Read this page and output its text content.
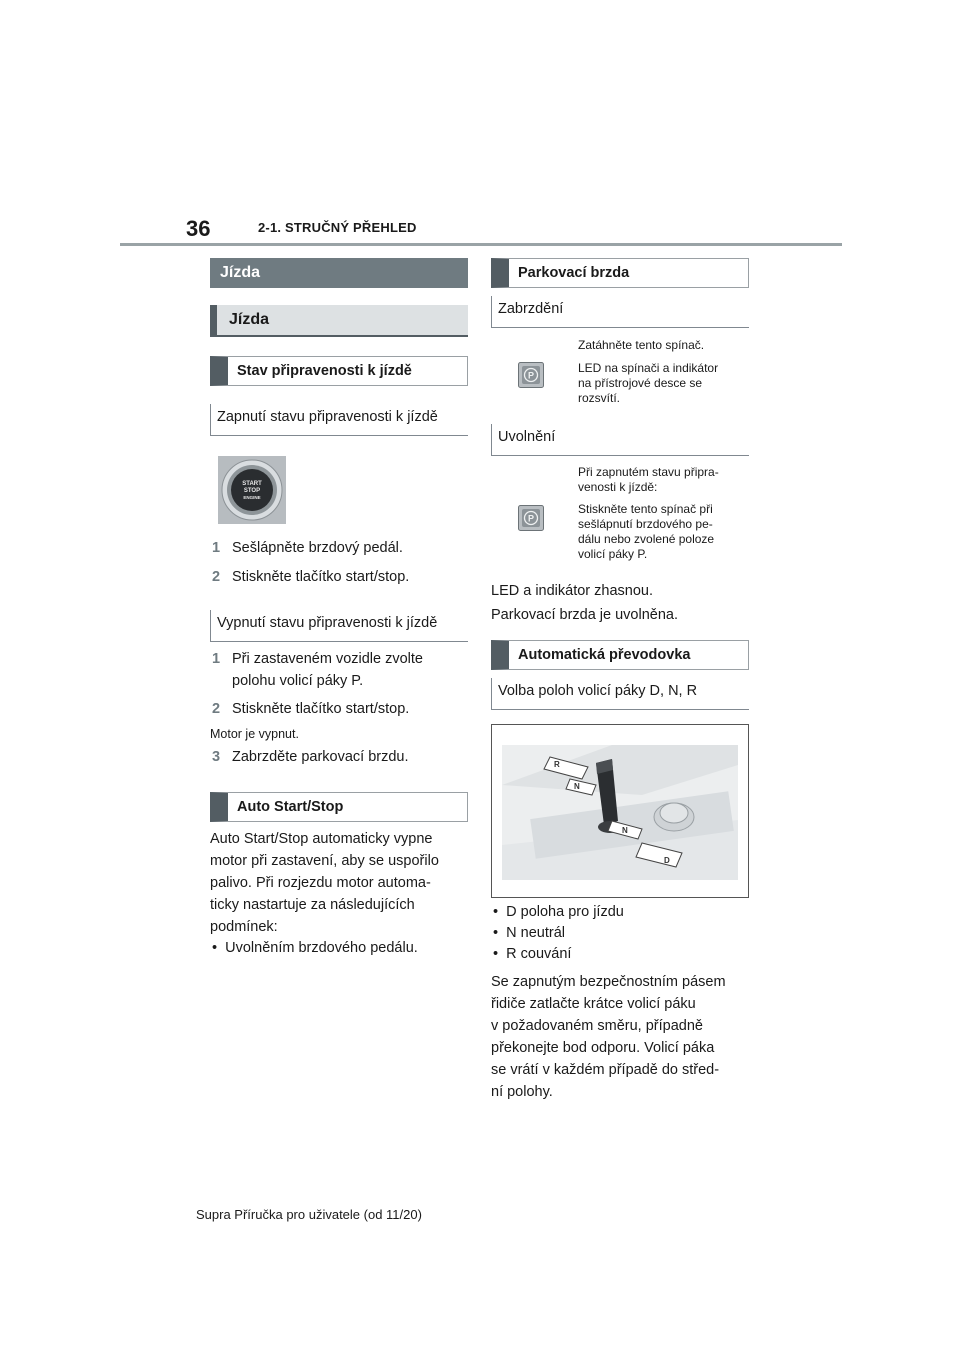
36	2-1. STRUČNÝ PŘEHLED
Jízda
Jízda
Stav připravenosti k jízdě
Zapnutí stavu připravenosti k jízdě
START
STOP
ENGINE
1 Sešlápněte brzdový pedál.
2 Stiskněte tlačítko start/stop.
Vypnutí stavu připravenosti k jízdě
1 Při zastaveném vozidle zvolte
polohu volicí páky P.
2 Stiskněte tlačítko start/stop.
Motor je vypnut.
3 Zabrzděte parkovací brzdu.
Auto Start/Stop
Auto Start/Stop automaticky vypne
motor při zastavení, aby se uspořilo
palivo. Při rozjezdu motor automa-
ticky nastartuje za následujících
podmínek:
•  Uvolněním brzdového pedálu.
Parkovací brzda
Zabrzdění
P
Zatáhněte tento spínač.
LED na spínači a indikátor
na přístrojové desce se
rozsvítí.
Uvolnění
P
Při zapnutém stavu připra-
venosti k jízdě:
Stiskněte tento spínač při
sešlápnutí brzdového pe-
dálu nebo zvolené poloze
volicí páky P.
LED a indikátor zhasnou.
Parkovací brzda je uvolněna.
Automatická převodovka
Volba poloh volicí páky D, N, R
R
N
N
D
•  D poloha pro jízdu
•  N neutrál
•  R couvání
Se zapnutým bezpečnostním pásem
řidiče zatlačte krátce volicí páku
v požadovaném směru, případně
překonejte bod odporu. Volicí páka
se vrátí v každém případě do střed-
ní polohy.
Supra Příručka pro uživatele (od 11/20)
